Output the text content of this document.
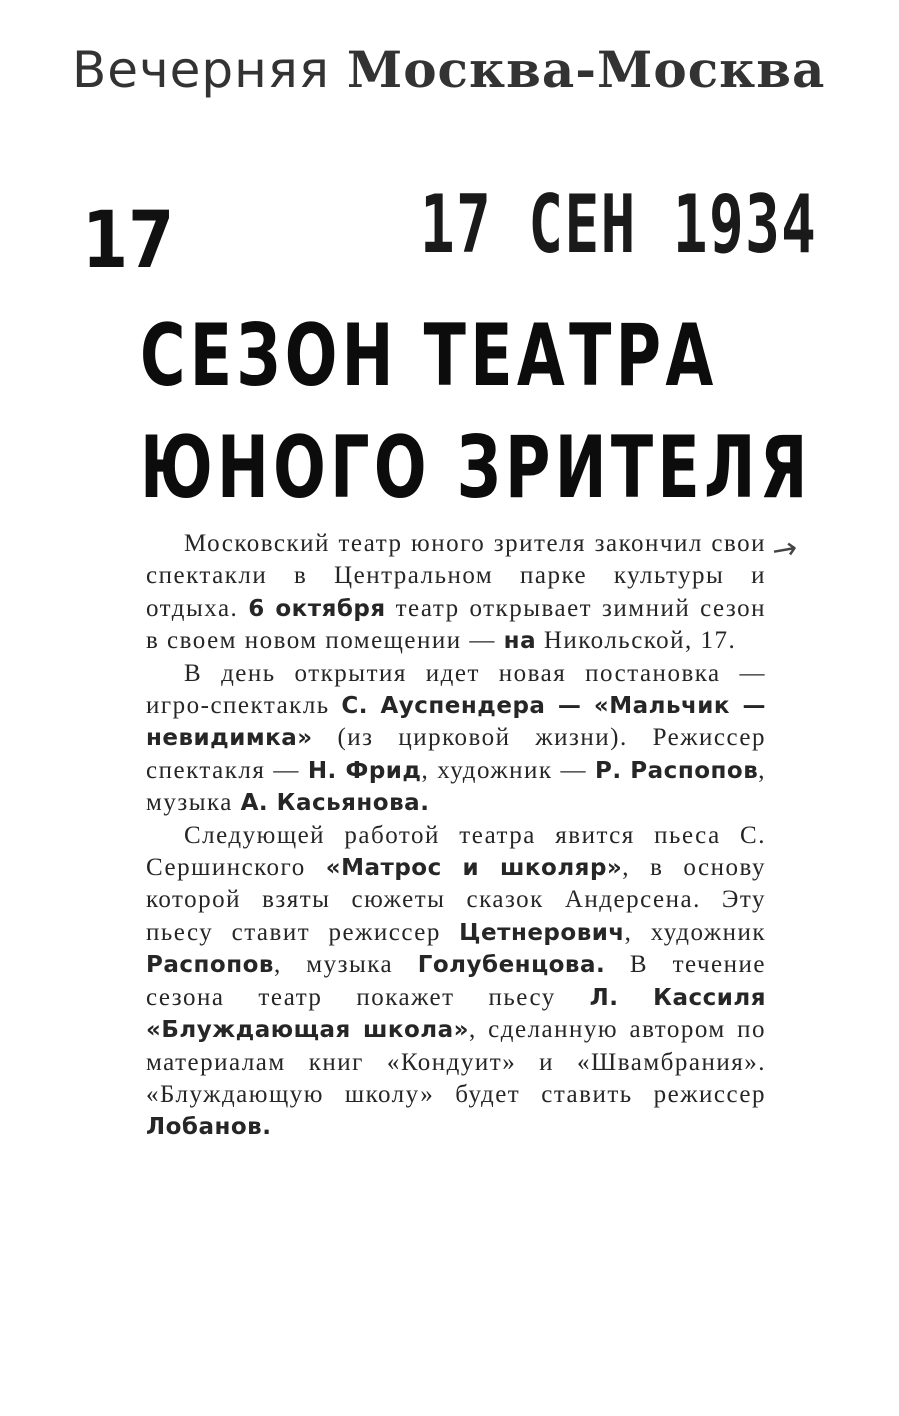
Вечерняя Москва-Москва
17	17 СЕН 1934
СЕЗОН ТЕАТРА
ЮНОГО ЗРИТЕЛЯ
↗

Московский театр юного зрителя закончил свои спектакли в Центральном парке культуры и отдыха. 6 октября театр открывает зимний сезон в своем новом помещении — на Никольской, 17.

В день открытия идет новая постановка — игро-спектакль С. Ауспендера — «Мальчик — невидимка» (из цирковой жизни). Режиссер спектакля — Н. Фрид, художник — Р. Распопов, музыка А. Касьянова.

Следующей работой театра явится пьеса С. Сершинского «Матрос и школяр», в основу которой взяты сюжеты сказок Андерсена. Эту пьесу ставит режиссер Цетнерович, художник Распопов, музыка Голубенцова. В течение сезона театр покажет пьесу Л. Кассиля «Блуждающая школа», сделанную автором по материалам книг «Кондуит» и «Швамбрания». «Блуждающую школу» будет ставить режиссер Лобанов.
